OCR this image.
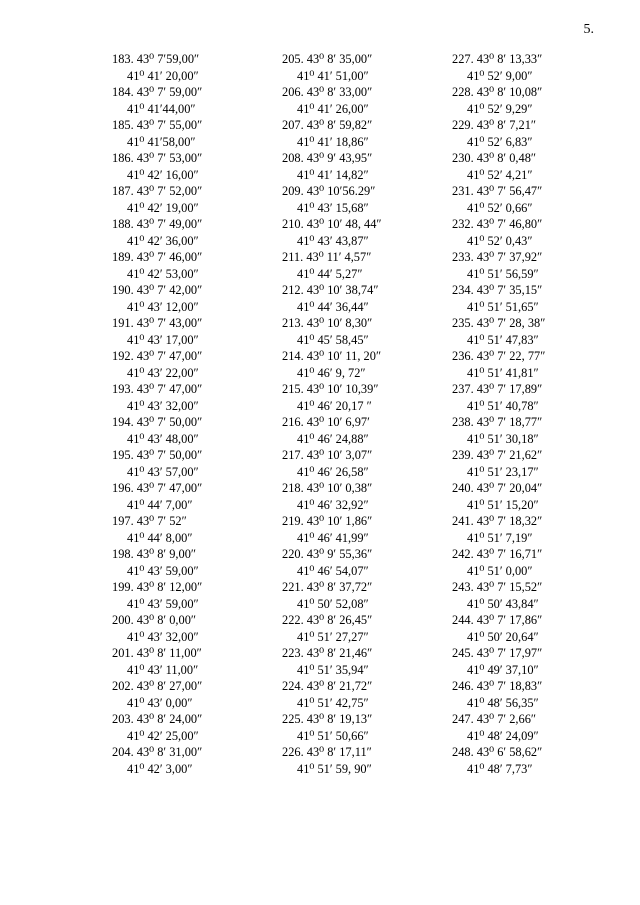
5.
183. 43⁰ 7′59,00″
41⁰ 41′ 20,00″
184. 43⁰ 7′ 59,00″
41⁰ 41′44,00″
185. 43⁰ 7′ 55,00″
41⁰ 41′58,00″
186. 43⁰ 7′ 53,00″
41⁰ 42′ 16,00″
187. 43⁰ 7′ 52,00″
41⁰ 42′ 19,00″
188. 43⁰ 7′ 49,00″
41⁰ 42′ 36,00″
189. 43⁰ 7′ 46,00″
41⁰ 42′ 53,00″
190. 43⁰ 7′ 42,00″
41⁰ 43′ 12,00″
191. 43⁰ 7′ 43,00″
41⁰ 43′ 17,00″
192. 43⁰ 7′ 47,00″
41⁰ 43′ 22,00″
193. 43⁰ 7′ 47,00″
41⁰ 43′ 32,00″
194. 43⁰ 7′ 50,00″
41⁰ 43′ 48,00″
195. 43⁰ 7′ 50,00″
41⁰ 43′ 57,00″
196. 43⁰ 7′ 47,00″
41⁰ 44′ 7,00″
197. 43⁰ 7′ 52″
41⁰ 44′ 8,00″
198. 43⁰ 8′ 9,00″
41⁰ 43′ 59,00″
199. 43⁰ 8′ 12,00″
41⁰ 43′ 59,00″
200. 43⁰ 8′ 0,00″
41⁰ 43′ 32,00″
201. 43⁰ 8′ 11,00″
41⁰ 43′ 11,00″
202. 43⁰ 8′ 27,00″
41⁰ 43′ 0,00″
203. 43⁰ 8′ 24,00″
41⁰ 42′ 25,00″
204. 43⁰ 8′ 31,00″
41⁰ 42′ 3,00″
205. 43⁰ 8′ 35,00″
41⁰ 41′ 51,00″
206. 43⁰ 8′ 33,00″
41⁰ 41′ 26,00″
207. 43⁰ 8′ 59,82″
41⁰ 41′ 18,86″
208. 43⁰ 9′ 43,95″
41⁰ 41′ 14,82″
209. 43⁰ 10′56.29″
41⁰ 43′ 15,68″
210. 43⁰ 10′ 48, 44″
41⁰ 43′ 43,87″
211. 43⁰ 11′ 4,57″
41⁰ 44′ 5,27″
212. 43⁰ 10′ 38,74″
41⁰ 44′ 36,44″
213. 43⁰ 10′ 8,30″
41⁰ 45′ 58,45″
214. 43⁰ 10′ 11, 20″
41⁰ 46′ 9, 72″
215. 43⁰ 10′ 10,39″
41⁰ 46′ 20,17 ″
216. 43⁰ 10′ 6,97′
41⁰ 46′ 24,88″
217. 43⁰ 10′ 3,07″
41⁰ 46′ 26,58″
218. 43⁰ 10′ 0,38″
41⁰ 46′ 32,92″
219. 43⁰ 10′ 1,86″
41⁰ 46′ 41,99″
220. 43⁰ 9′ 55,36″
41⁰ 46′ 54,07″
221. 43⁰ 8′ 37,72″
41⁰ 50′ 52,08″
222. 43⁰ 8′ 26,45″
41⁰ 51′ 27,27″
223. 43⁰ 8′ 21,46″
41⁰ 51′ 35,94″
224. 43⁰ 8′ 21,72″
41⁰ 51′ 42,75″
225. 43⁰ 8′ 19,13″
41⁰ 51′ 50,66″
226. 43⁰ 8′ 17,11″
41⁰ 51′ 59, 90″
227. 43⁰ 8′ 13,33″
41⁰ 52′ 9,00″
228. 43⁰ 8′ 10,08″
41⁰ 52′ 9,29″
229. 43⁰ 8′ 7,21″
41⁰ 52′ 6,83″
230. 43⁰ 8′ 0,48″
41⁰ 52′ 4,21″
231. 43⁰ 7′ 56,47″
41⁰ 52′ 0,66″
232. 43⁰ 7′ 46,80″
41⁰ 52′ 0,43″
233. 43⁰ 7′ 37,92″
41⁰ 51′ 56,59″
234. 43⁰ 7′ 35,15″
41⁰ 51′ 51,65″
235. 43⁰ 7′ 28, 38″
41⁰ 51′ 47,83″
236. 43⁰ 7′ 22, 77″
41⁰ 51′ 41,81″
237. 43⁰ 7′ 17,89″
41⁰ 51′ 40,78″
238. 43⁰ 7′ 18,77″
41⁰ 51′ 30,18″
239. 43⁰ 7′ 21,62″
41⁰ 51′ 23,17″
240. 43⁰ 7′ 20,04″
41⁰ 51′ 15,20″
241. 43⁰ 7′ 18,32″
41⁰ 51′ 7,19″
242. 43⁰ 7′ 16,71″
41⁰ 51′ 0,00″
243. 43⁰ 7′ 15,52″
41⁰ 50′ 43,84″
244. 43⁰ 7′ 17,86″
41⁰ 50′ 20,64″
245. 43⁰ 7′ 17,97″
41⁰ 49′ 37,10″
246. 43⁰ 7′ 18,83″
41⁰ 48′ 56,35″
247. 43⁰ 7′ 2,66″
41⁰ 48′ 24,09″
248. 43⁰ 6′ 58,62″
41⁰ 48′ 7,73″
